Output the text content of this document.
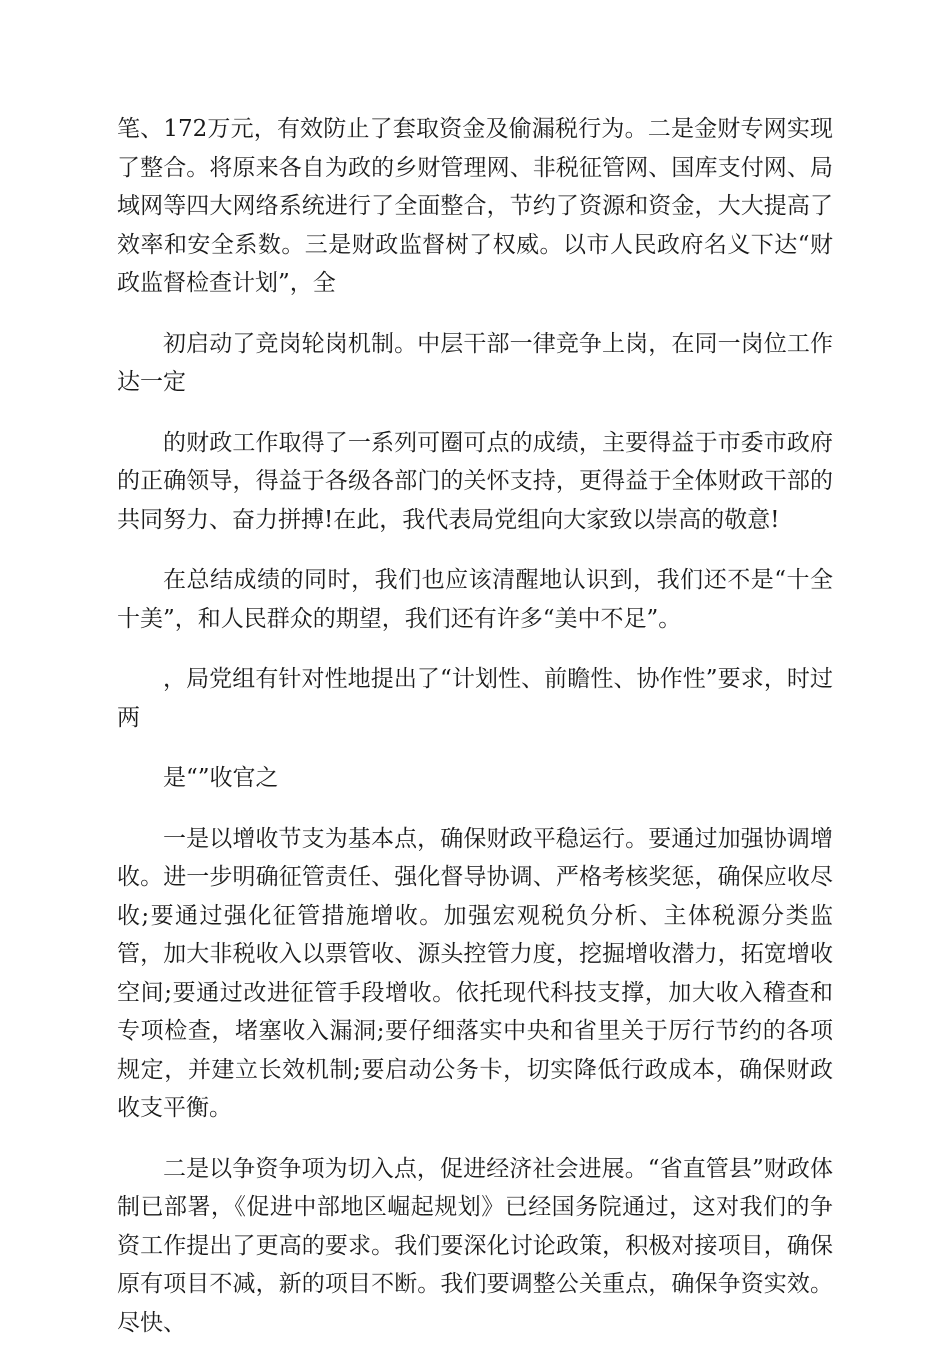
笔、172万元，有效防止了套取资金及偷漏税行为。二是金财专网实现了整合。将原来各自为政的乡财管理网、非税征管网、国库支付网、局域网等四大网络系统进行了全面整合，节约了资源和资金，大大提高了效率和安全系数。三是财政监督树了权威。以市人民政府名义下达“财政监督检查计划”，全

初启动了竞岗轮岗机制。中层干部一律竞争上岗，在同一岗位工作达一定

的财政工作取得了一系列可圈可点的成绩，主要得益于市委市政府的正确领导，得益于各级各部门的关怀支持，更得益于全体财政干部的共同努力、奋力拼搏!在此，我代表局党组向大家致以崇高的敬意!

在总结成绩的同时，我们也应该清醒地认识到，我们还不是“十全十美”，和人民群众的期望，我们还有许多“美中不足”。

，局党组有针对性地提出了“计划性、前瞻性、协作性”要求，时过两

是“”收官之

一是以增收节支为基本点，确保财政平稳运行。要通过加强协调增收。进一步明确征管责任、强化督导协调、严格考核奖惩，确保应收尽收;要通过强化征管措施增收。加强宏观税负分析、主体税源分类监管，加大非税收入以票管收、源头控管力度，挖掘增收潜力，拓宽增收空间;要通过改进征管手段增收。依托现代科技支撑，加大收入稽查和专项检查，堵塞收入漏洞;要仔细落实中央和省里关于厉行节约的各项规定，并建立长效机制;要启动公务卡，切实降低行政成本，确保财政收支平衡。

二是以争资争项为切入点，促进经济社会进展。“省直管县”财政体制已部署，《促进中部地区崛起规划》已经国务院通过，这对我们的争资工作提出了更高的要求。我们要深化讨论政策，积极对接项目，确保原有项目不减，新的项目不断。我们要调整公关重点，确保争资实效。尽快、
